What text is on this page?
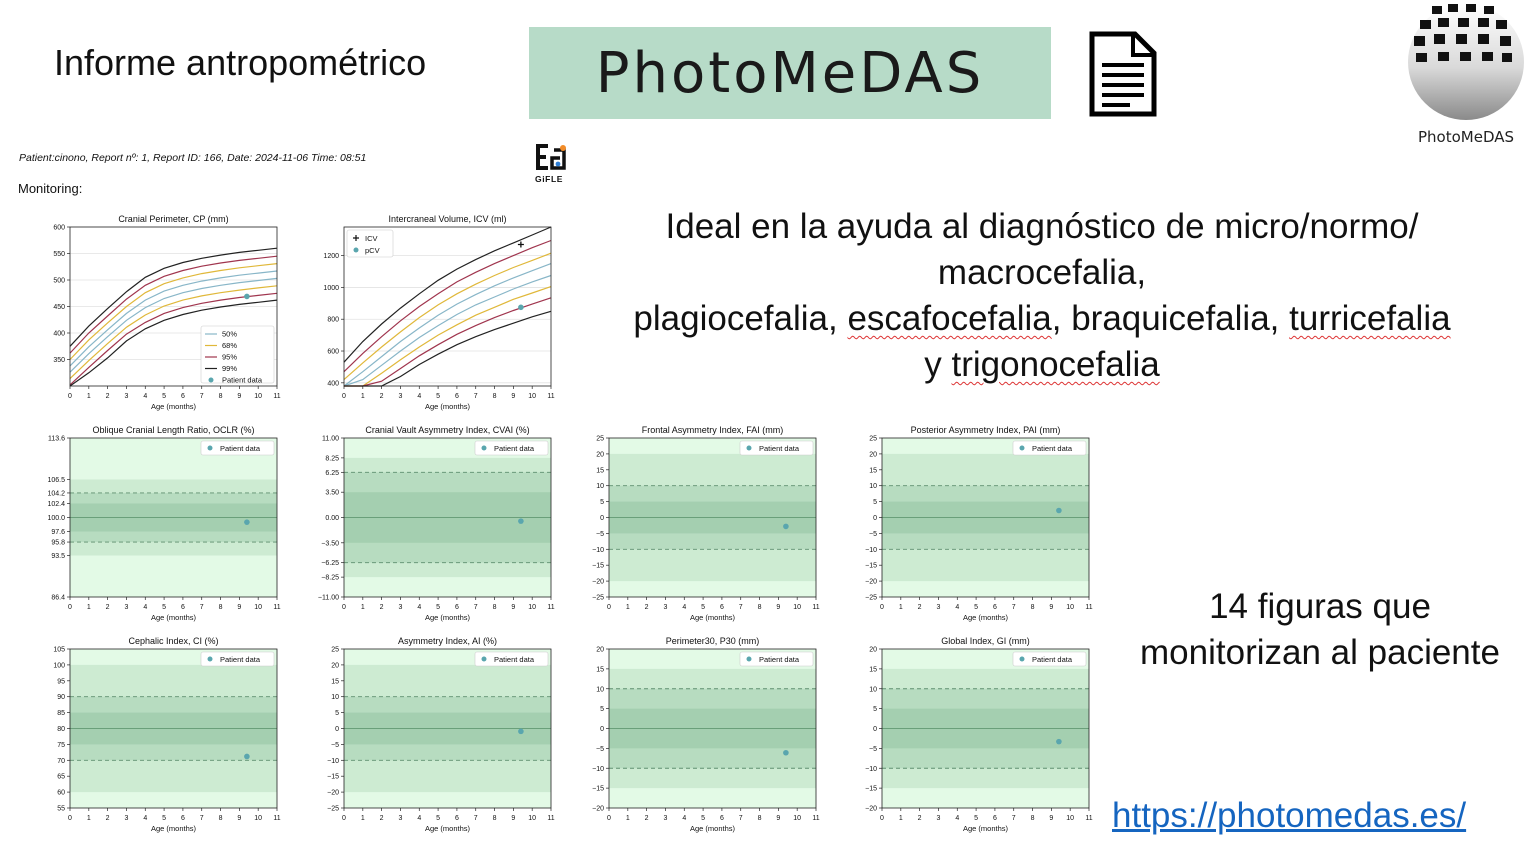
Informe antropométrico	PhotoMeDAS
PhotoMeDAS
GiFLE
Patient:cinono, Report nº: 1, Report ID: 166, Date: 2024-11-06 Time: 08:51
Monitoring:
Ideal en la ayuda al diagnóstico de micro/normo/
macrocefalia,
plagiocefalia, escafocefalia, braquicefalia, turricefalia
y trigonocefalia
14 figuras que
monitorizan al paciente
https://photomedas.es/
Cranial Perimeter, CP (mm)
0 1 2 3 4 5 6 7 8 9 10 11
Age (months)
350
400
450
500
550
600
50%
68%
95%
99%
Patient data
Intercraneal Volume, ICV (ml)
0 1 2 3 4 5 6 7 8 9 10 11
Age (months)
400
600
800
1000
1200
ICV
pCV
Oblique Cranial Length Ratio, OCLR (%)
0 1 2 3 4 5 6 7 8 9 10 11
Age (months)
86.4
93.5
95.8
97.6
100.0
102.4
104.2
106.5
113.6
Patient data
Cranial Vault Asymmetry Index, CVAI (%)
0 1 2 3 4 5 6 7 8 9 10 11
Age (months)
−11.00
−8.25
−6.25
−3.50
0.00
3.50
6.25
8.25
11.00
Patient data
Frontal Asymmetry Index, FAI (mm)
0 1 2 3 4 5 6 7 8 9 10 11
Age (months)
−25
−20
−15
−10
−5
0
5
10
15
20
25
Patient data
Posterior Asymmetry Index, PAI (mm)
0 1 2 3 4 5 6 7 8 9 10 11
Age (months)
−25
−20
−15
−10
−5
0
5
10
15
20
25
Patient data
Cephalic Index, CI (%)
0 1 2 3 4 5 6 7 8 9 10 11
Age (months)
55
60
65
70
75
80
85
90
95
100
105
Patient data
Asymmetry Index, AI (%)
0 1 2 3 4 5 6 7 8 9 10 11
Age (months)
−25
−20
−15
−10
−5
0
5
10
15
20
25
Patient data
Perimeter30, P30 (mm)
0 1 2 3 4 5 6 7 8 9 10 11
Age (months)
−20
−15
−10
−5
0
5
10
15
20
Patient data
Global Index, GI (mm)
0 1 2 3 4 5 6 7 8 9 10 11
Age (months)
−20
−15
−10
−5
0
5
10
15
20
Patient data
